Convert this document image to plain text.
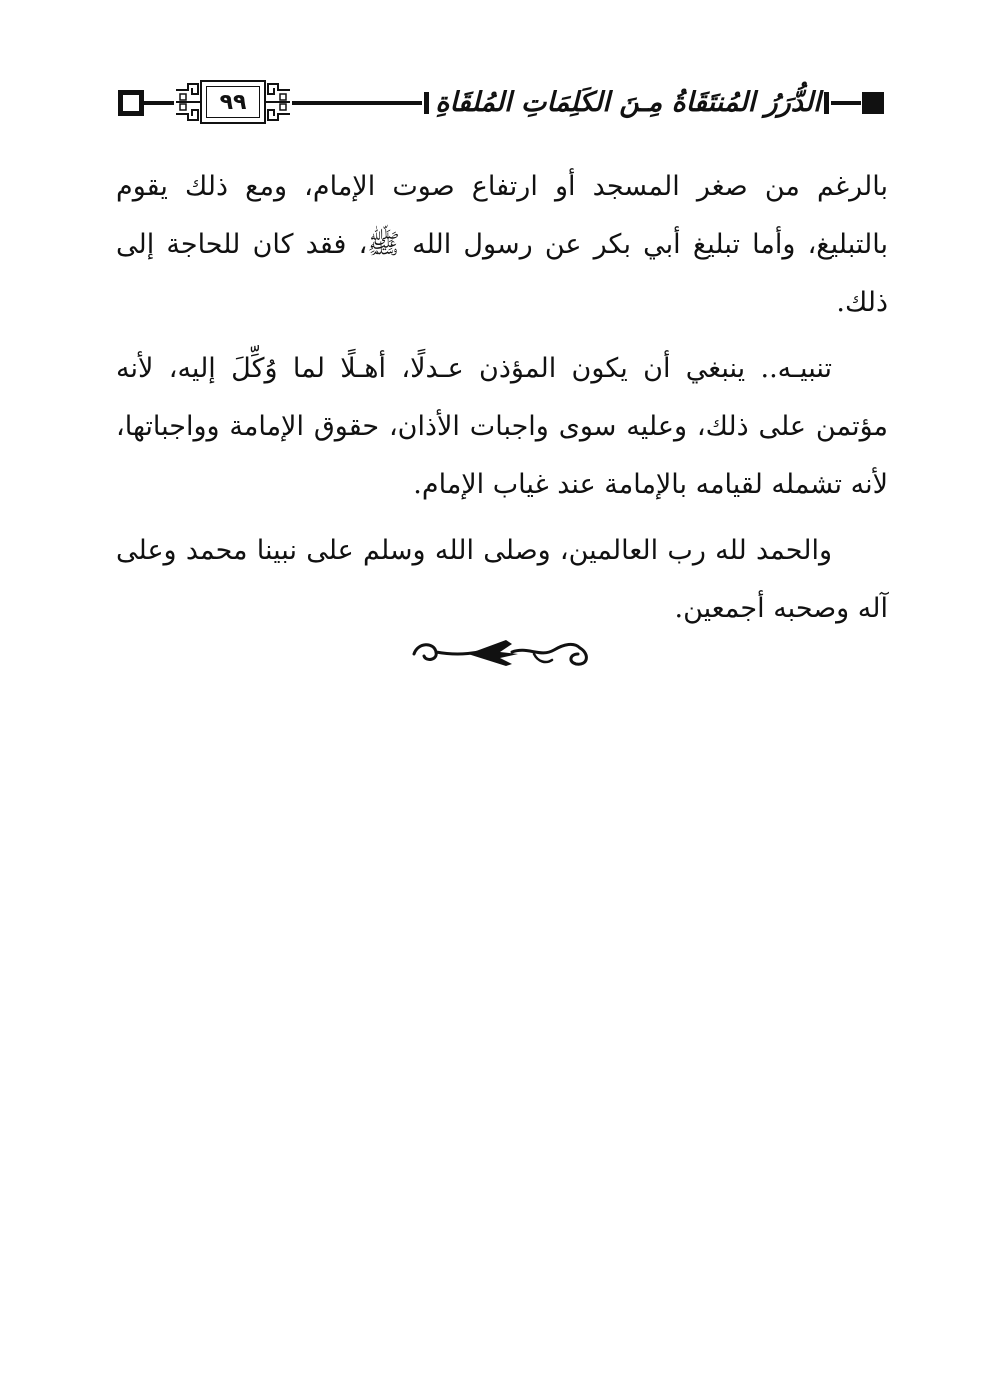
٩٩	الدُّرَرُ المُنتَقَاةُ مِـنَ الكَلِمَاتِ المُلقَاةِ

بالرغم من صغر المسجد أو ارتفاع صوت الإمام، ومع ذلك يقوم بالتبليغ، وأما تبليغ أبي بكر عن رسول الله ﷺ، فقد كان للحاجة إلى ذلك.

تنبيـه.. ينبغي أن يكون المؤذن عـدلًا، أهـلًا لما وُكِّلَ إليه، لأنه مؤتمن على ذلك، وعليه سوى واجبات الأذان، حقوق الإمامة وواجباتها، لأنه تشمله لقيامه بالإمامة عند غياب الإمام.

والحمد لله رب العالمين، وصلى الله وسلم على نبينا محمد وعلى آله وصحبه أجمعين.
